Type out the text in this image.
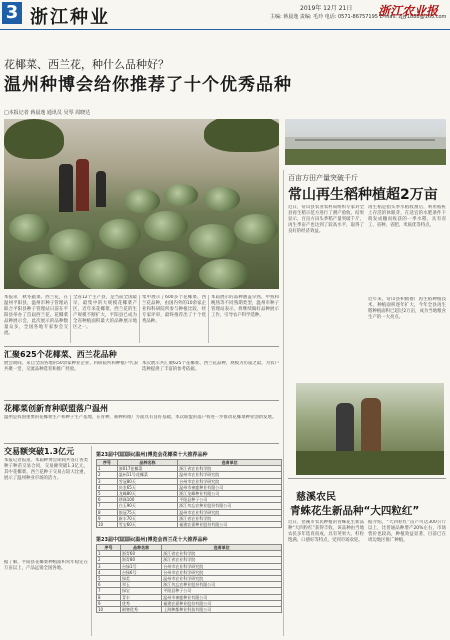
3 浙江种业	2019年 12月 21日
主编: 蒋晨逸 责编: 毛玲 电话: 0571-86757195 E-mail: zjjy1888@163.com
浙江农业报
花椰菜、西兰花，种什么品种好？
温州种博会给你推荐了十个优秀品种
□本报记者 蒋晨逸 通讯员 吴琴 周晓达
本报讯　秋冬蔬菜、西兰花，在温州平阳县，温州市种子管理站联合平阳县种子管理站日前在平阳县举办了首届西兰花、花椰菜品种展示会，此次展示的品种数量众多，全国各地专家参会交流。
全省12个主产县，是当前全国最早，最集中的大规模花椰菜产区，近年来花椰菜、西兰花的生产规模不断扩大，平阳县已成为全省种植面积最大的品种展示地区之一。
集中展示了600多个花椰菜、西兰花品种，由国内外的10余家企业和科研院所参与种植比较，经专家评审，最终推荐出了十个优秀品种。
本届展示的品种涵盖早熟、中熟和晚熟等不同熟期类型，温州市种子管理站表示，将继续做好品种展示工作，引导农户科学选种。
汇聚625个花椰菜、西兰花品种
展会期间，来自全国各地的50余家种业企业、科研院所和种植户代表共聚一堂，交流品种选育和推广经验。
本次展示共汇聚625个花椰菜、西兰花品种，规模为历届之最，为农户选种提供了丰富的参考依据。
花椰菜创新育种联盟落户温州
温州是我国重要的花椰菜生产和种子生产基地，在育种、制种和推广方面具有良好基础，本次联盟的落户将进一步推动花椰菜种业创新发展。
交易额突破1.3亿元
本报记者报道，本届种博会期间共签订各类种子种苗交易合同，交易额突破1.3亿元，其中花椰菜、西兰花种子交易占较大比重，展示了温州种业市场的活力。
据了解，平阳县花椰菜种植面积常年稳定在万亩以上，产品远销全国各地。
第23届中国国际(温州)博览会花椰菜十大推荐品种
序号	品种名称	选育单位
1	浙017花椰菜	浙江省农业科学院
2	温州11号花椰菜	温州市农业科学研究院
3	雪冠80天	台州市农业科学研究院
4	庆农65天	温州市神鹿种业有限公司
5	龙峰80天	浙江龙峰种业有限公司
6	珍珠100	平阳县种子公司
7	白玉90天	浙江勿忘农种业股份有限公司
8	银冠75天	温州市农业科学研究院
9	新丰70天	浙江省农业科学院
10	雪宝60天	福建农嘉种业股份有限公司
第23届中国国际(温州)博览会西兰花十大推荐品种
序号	品种名称	选育单位
1	浙青60	浙江省农业科学院
2	浙青80	浙江省农业科学院
3	台绿1号	台州市农业科学研究院
4	台绿6号	台州市农业科学研究院
5	绿美	温州市农业科学研究院
6	翠玉	浙江勿忘农种业股份有限公司
7	绿宝	平阳县种子公司
8	青丰	温州市神鹿种业有限公司
9	优秀	福建农嘉种业股份有限公司
10	耐寒优秀	上海种都种业科技有限公司
百亩方田产量突破千斤
常山再生稻种植超2万亩
近日，常山县农业农村局组织专家对全县再生稻示范方进行了测产验收，结果显示，百亩方田头季稻产量突破千斤，再生季亩产也达到了较高水平，取得了良好的经济效益。
再生稻是指头季水稻收割后，利用稻桩上存活的休眠芽，在适宜的水肥条件下萌发成穗而收获的一季水稻，具有省工、省种、省肥、米质优等特点。
近年来，常山县积极推广再生稻种植技术，种植面积逐年扩大，今年全县再生稻种植面积已超过2万亩，成为当地粮食生产的一大亮点。
慈溪农民
青蛛花生新品种“大四粒红”
近日，慈溪市农民种植的青蛛花生新品种“大四粒红”获得丰收，该品种由当地农民多年选育而成，具有荚果大、籽粒饱满、口感好等特点，受到市场欢迎。
据介绍，“大四粒红”亩产可达300公斤以上，比普通品种增产20%左右，市场售价也较高，种植效益显著，目前已在周边地区推广种植。
